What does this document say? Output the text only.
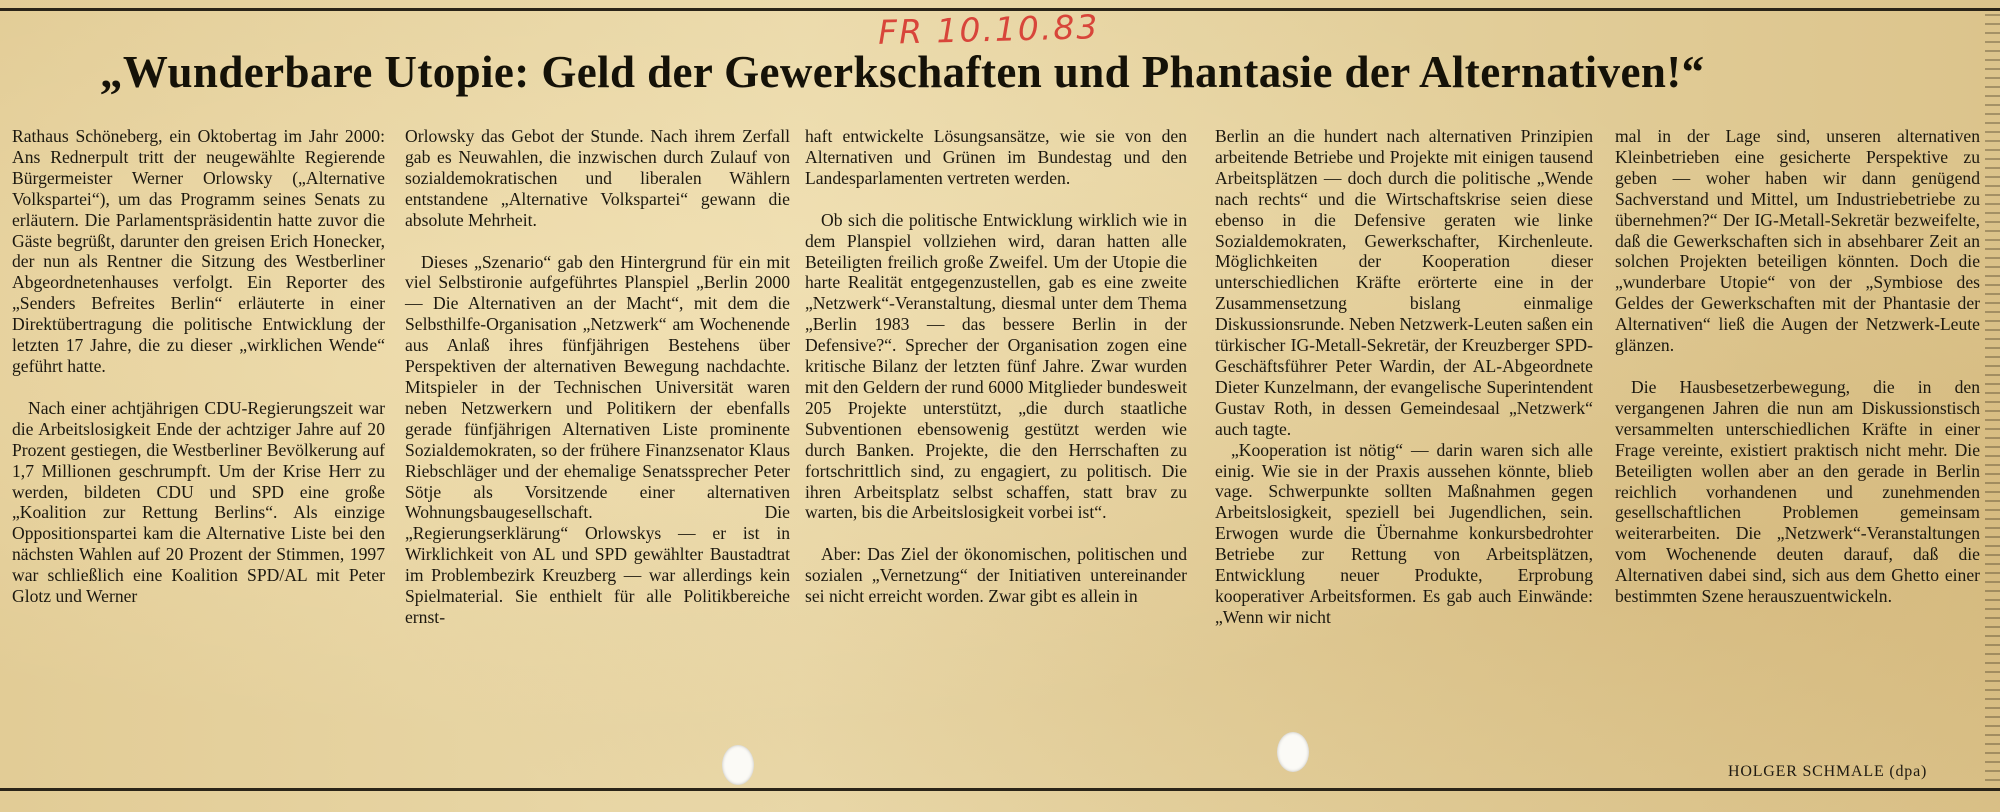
FR 10.10.83
„Wunderbare Utopie: Geld der Gewerkschaften und Phantasie der Alternativen!“

Rathaus Schöneberg, ein Oktobertag im Jahr 2000: Ans Rednerpult tritt der neugewählte Regierende Bürgermeister Werner Orlowsky („Alternative Volkspartei“), um das Programm seines Senats zu erläutern. Die Parlamentspräsidentin hatte zuvor die Gäste begrüßt, darunter den greisen Erich Honecker, der nun als Rentner die Sitzung des Westberliner Abgeordnetenhauses verfolgt. Ein Reporter des „Senders Befreites Berlin“ erläuterte in einer Direktübertragung die politische Entwicklung der letzten 17 Jahre, die zu dieser „wirklichen Wende“ geführt hatte.

Nach einer achtjährigen CDU-Regierungszeit war die Arbeitslosigkeit Ende der achtziger Jahre auf 20 Prozent gestiegen, die Westberliner Bevölkerung auf 1,7 Millionen geschrumpft. Um der Krise Herr zu werden, bildeten CDU und SPD eine große „Koalition zur Rettung Berlins“. Als einzige Oppositionspartei kam die Alternative Liste bei den nächsten Wahlen auf 20 Prozent der Stimmen, 1997 war schließlich eine Koalition SPD/AL mit Peter Glotz und Werner

Orlowsky das Gebot der Stunde. Nach ihrem Zerfall gab es Neuwahlen, die inzwischen durch Zulauf von sozialdemokratischen und liberalen Wählern entstandene „Alternative Volkspartei“ gewann die absolute Mehrheit.

Dieses „Szenario“ gab den Hintergrund für ein mit viel Selbstironie aufgeführtes Planspiel „Berlin 2000 — Die Alternativen an der Macht“, mit dem die Selbsthilfe-Organisation „Netzwerk“ am Wochenende aus Anlaß ihres fünfjährigen Bestehens über Perspektiven der alternativen Bewegung nachdachte. Mitspieler in der Technischen Universität waren neben Netzwerkern und Politikern der ebenfalls gerade fünfjährigen Alternativen Liste prominente Sozialdemokraten, so der frühere Finanzsenator Klaus Riebschläger und der ehemalige Senatssprecher Peter Sötje als Vorsitzende einer alternativen Wohnungsbaugesellschaft. Die „Regierungserklärung“ Orlowskys — er ist in Wirklichkeit von AL und SPD gewählter Baustadtrat im Problembezirk Kreuzberg — war allerdings kein Spielmaterial. Sie enthielt für alle Politikbereiche ernst-

haft entwickelte Lösungsansätze, wie sie von den Alternativen und Grünen im Bundestag und den Landesparlamenten vertreten werden.

Ob sich die politische Entwicklung wirklich wie in dem Planspiel vollziehen wird, daran hatten alle Beteiligten freilich große Zweifel. Um der Utopie die harte Realität entgegenzustellen, gab es eine zweite „Netzwerk“-Veranstaltung, diesmal unter dem Thema „Berlin 1983 — das bessere Berlin in der Defensive?“. Sprecher der Organisation zogen eine kritische Bilanz der letzten fünf Jahre. Zwar wurden mit den Geldern der rund 6000 Mitglieder bundesweit 205 Projekte unterstützt, „die durch staatliche Subventionen ebensowenig gestützt werden wie durch Banken. Projekte, die den Herrschaften zu fortschrittlich sind, zu engagiert, zu politisch. Die ihren Arbeitsplatz selbst schaffen, statt brav zu warten, bis die Arbeitslosigkeit vorbei ist“.

Aber: Das Ziel der ökonomischen, politischen und sozialen „Vernetzung“ der Initiativen untereinander sei nicht erreicht worden. Zwar gibt es allein in

Berlin an die hundert nach alternativen Prinzipien arbeitende Betriebe und Projekte mit einigen tausend Arbeitsplätzen — doch durch die politische „Wende nach rechts“ und die Wirtschaftskrise seien diese ebenso in die Defensive geraten wie linke Sozialdemokraten, Gewerkschafter, Kirchenleute. Möglichkeiten der Kooperation dieser unterschiedlichen Kräfte erörterte eine in der Zusammensetzung bislang einmalige Diskussionsrunde. Neben Netzwerk-Leuten saßen ein türkischer IG-Metall-Sekretär, der Kreuzberger SPD-Geschäftsführer Peter Wardin, der AL-Abgeordnete Dieter Kunzelmann, der evangelische Superintendent Gustav Roth, in dessen Gemeindesaal „Netzwerk“ auch tagte.

„Kooperation ist nötig“ — darin waren sich alle einig. Wie sie in der Praxis aussehen könnte, blieb vage. Schwerpunkte sollten Maßnahmen gegen Arbeitslosigkeit, speziell bei Jugendlichen, sein. Erwogen wurde die Übernahme konkursbedrohter Betriebe zur Rettung von Arbeitsplätzen, Entwicklung neuer Produkte, Erprobung kooperativer Arbeitsformen. Es gab auch Einwände: „Wenn wir nicht

mal in der Lage sind, unseren alternativen Kleinbetrieben eine gesicherte Perspektive zu geben — woher haben wir dann genügend Sachverstand und Mittel, um Industriebetriebe zu übernehmen?“ Der IG-Metall-Sekretär bezweifelte, daß die Gewerkschaften sich in absehbarer Zeit an solchen Projekten beteiligen könnten. Doch die „wunderbare Utopie“ von der „Symbiose des Geldes der Gewerkschaften mit der Phantasie der Alternativen“ ließ die Augen der Netzwerk-Leute glänzen.

Die Hausbesetzerbewegung, die in den vergangenen Jahren die nun am Diskussionstisch versammelten unterschiedlichen Kräfte in einer Frage vereinte, existiert praktisch nicht mehr. Die Beteiligten wollen aber an den gerade in Berlin reichlich vorhandenen und zunehmenden gesellschaftlichen Problemen gemeinsam weiterarbeiten. Die „Netzwerk“-Veranstaltungen vom Wochenende deuten darauf, daß die Alternativen dabei sind, sich aus dem Ghetto einer bestimmten Szene herauszuentwickeln.

HOLGER SCHMALE (dpa)
